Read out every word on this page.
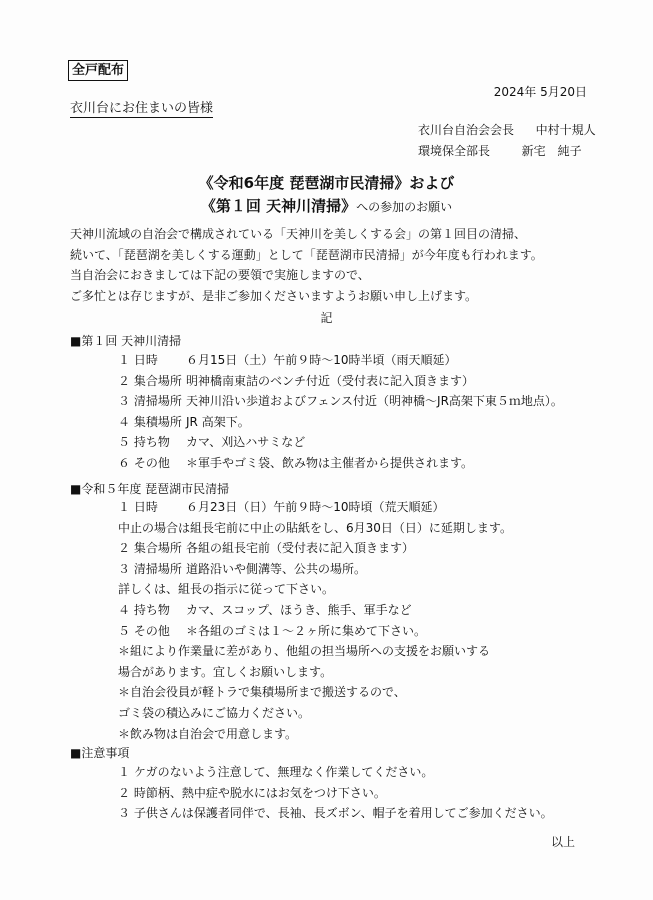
全戸配布
2024年 5月20日
衣川台にお住まいの皆様
衣川台自治会会長 中村十規人
環境保全部長	新宅　純子
《令和6年度 琵琶湖市民清掃》および
《第１回 天神川清掃》への参加のお願い
天神川流域の自治会で構成されている「天神川を美しくする会」の第１回目の清掃、
続いて、「琵琶湖を美しくする運動」として「琵琶湖市民清掃」が今年度も行われます。
当自治会におきましては下記の要領で実施しますので、
ご多忙とは存じますが、是非ご参加くださいますようお願い申し上げます。
記
■第１回 天神川清掃
１ 日時	６月15日（土）午前９時〜10時半頃（雨天順延）
２ 集合場所 明神橋南東詰のベンチ付近（受付表に記入頂きます）
３ 清掃場所 天神川沿い歩道およびフェンス付近（明神橋〜JR高架下東５ｍ地点）。
４ 集積場所 JR 高架下。
５ 持ち物	カマ、刈込ハサミなど
６ その他	＊軍手やゴミ袋、飲み物は主催者から提供されます。
■令和５年度 琵琶湖市民清掃
１ 日時	６月23日（日）午前９時〜10時頃（荒天順延）
中止の場合は組長宅前に中止の貼紙をし、6月30日（日）に延期します。
２ 集合場所 各組の組長宅前（受付表に記入頂きます）
３ 清掃場所 道路沿いや側溝等、公共の場所。
詳しくは、組長の指示に従って下さい。
４ 持ち物	カマ、スコップ、ほうき、熊手、軍手など
５ その他	＊各組のゴミは１〜２ヶ所に集めて下さい。
＊組により作業量に差があり、他組の担当場所への支援をお願いする
場合があります。宜しくお願いします。
＊自治会役員が軽トラで集積場所まで搬送するので、
ゴミ袋の積込みにご協力ください。
＊飲み物は自治会で用意します。
■注意事項
１ ケガのないよう注意して、無理なく作業してください。
２ 時節柄、熱中症や脱水にはお気をつけ下さい。
３ 子供さんは保護者同伴で、長袖、長ズボン、帽子を着用してご参加ください。
以上
